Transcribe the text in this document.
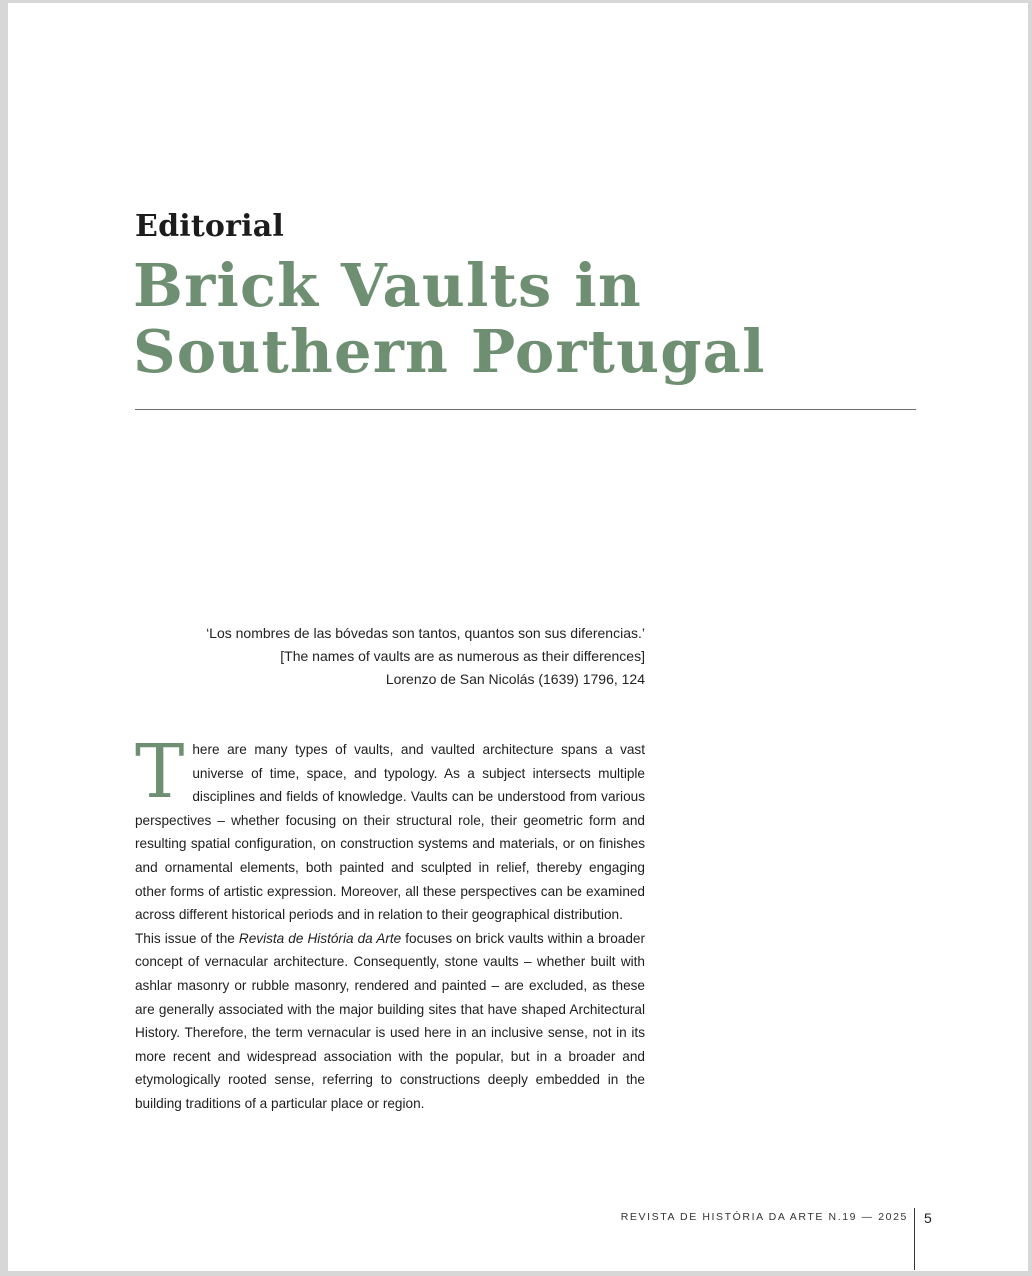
Editorial
Brick Vaults in
Southern Portugal
‘Los nombres de las bóvedas son tantos, quantos son sus diferencias.’
[The names of vaults are as numerous as their differences]
Lorenzo de San Nicolás (1639) 1796, 124

There are many types of vaults, and vaulted architecture spans a vast universe of time, space, and typology. As a subject intersects multiple disciplines and fields of knowledge. Vaults can be understood from various perspectives – whether focusing on their structural role, their geometric form and resulting spatial configuration, on construction systems and materials, or on finishes and ornamental elements, both painted and sculpted in relief, thereby engaging other forms of artistic expression. Moreover, all these perspectives can be examined across different historical periods and in relation to their geographical distribution.

This issue of the Revista de História da Arte focuses on brick vaults within a broader concept of vernacular architecture. Consequently, stone vaults – whether built with ashlar masonry or rubble masonry, rendered and painted – are excluded, as these are generally associated with the major building sites that have shaped Architectural History. Therefore, the term vernacular is used here in an inclusive sense, not in its more recent and widespread association with the popular, but in a broader and etymologically rooted sense, referring to constructions deeply embedded in the building traditions of a particular place or region.

REVISTA DE HISTÓRIA DA ARTE N.19 — 2025 5
